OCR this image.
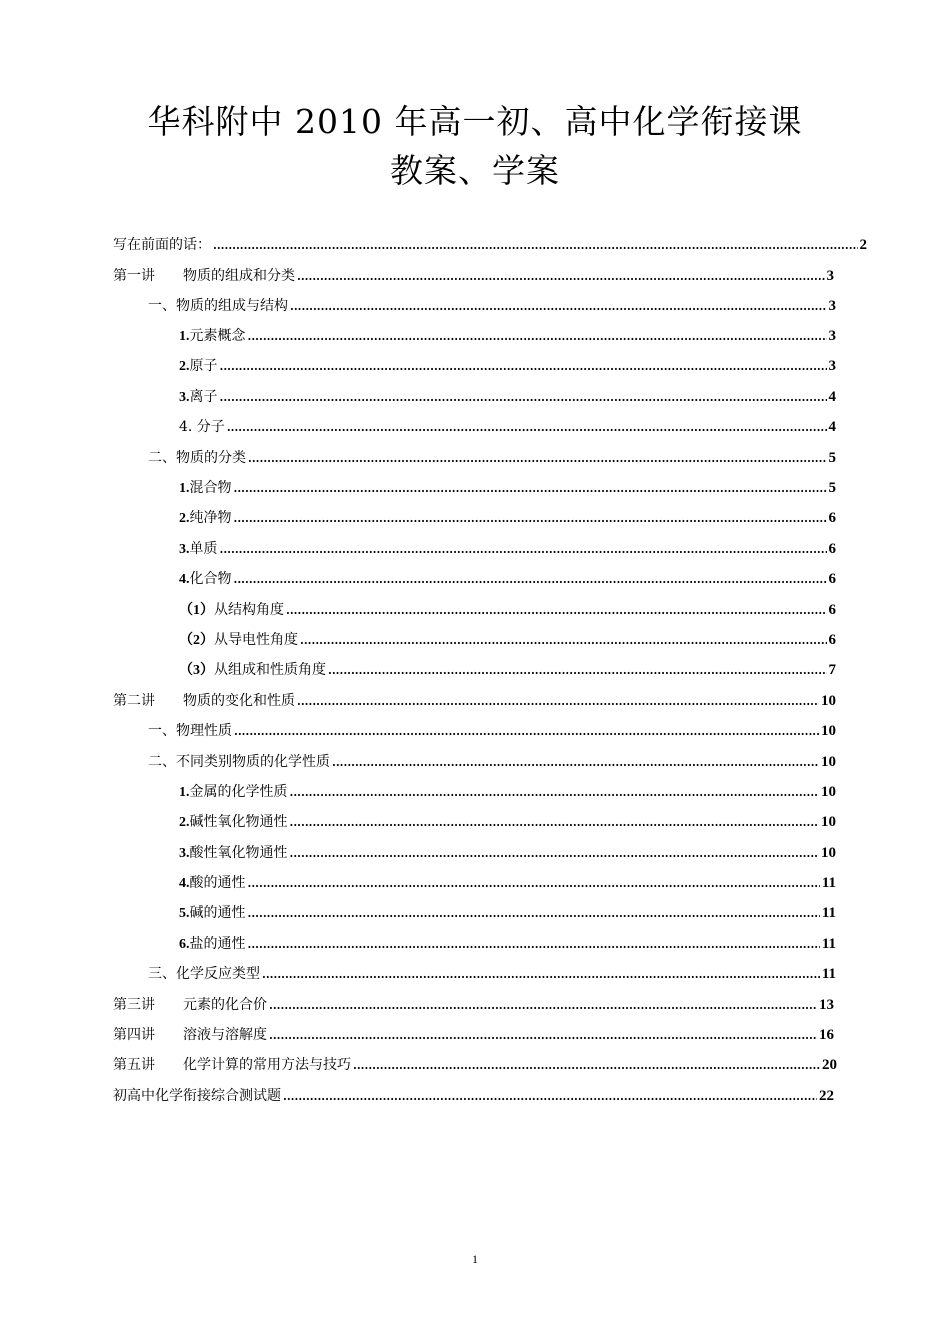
华科附中 2010 年高一初、高中化学衔接课
教案、学案
写在前面的话： .....	2
第一讲　　物质的组成和分类 .....	3
一、物质的组成与结构 .....	3
1.元素概念 .....	3
2.原子 .....	3
3.离子 .....	4
4. 分子 .....	4
二、物质的分类 .....	5
1.混合物 .....	5
2.纯净物 .....	6
3.单质 .....	6
4.化合物 .....	6
（1）从结构角度 .....	6
（2）从导电性角度 .....	6
（3）从组成和性质角度 .....	7
第二讲　　物质的变化和性质 .....	10
一、物理性质 .....	10
二、不同类别物质的化学性质 .....	10
1.金属的化学性质 .....	10
2.碱性氧化物通性 .....	10
3.酸性氧化物通性 .....	10
4.酸的通性 .....	11
5.碱的通性 .....	11
6.盐的通性 .....	11
三、化学反应类型 .....	11
第三讲　　元素的化合价 .....	13
第四讲　　溶液与溶解度 .....	16
第五讲　　化学计算的常用方法与技巧 .....	20
初高中化学衔接综合测试题 .....	22
1
